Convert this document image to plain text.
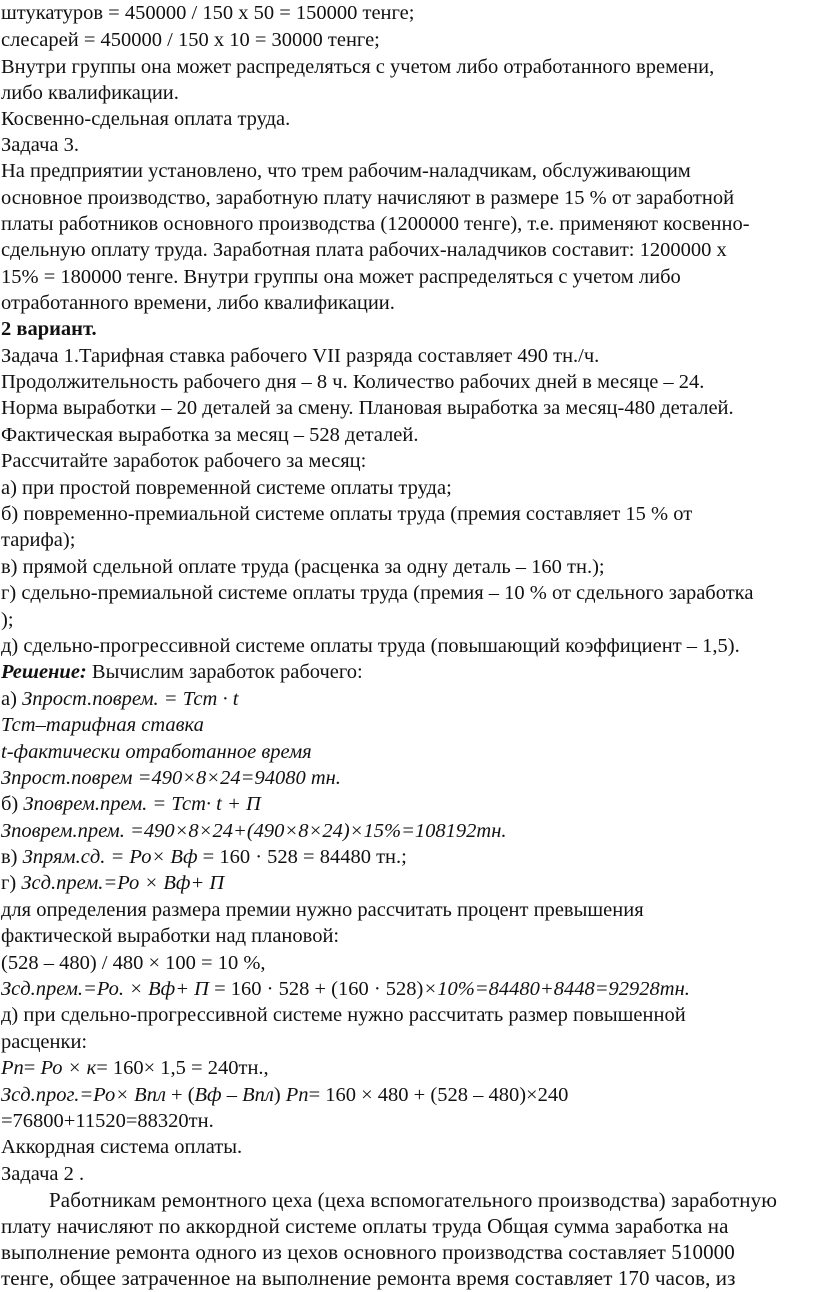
штукатуров = 450000 / 150 х 50 = 150000 тенге;
слесарей = 450000 / 150 х 10 = 30000 тенге;
Внутри группы она может распределяться с учетом либо отработанного времени,
либо квалификации.
Косвенно-сдельная оплата труда.
Задача 3.
На предприятии установлено, что трем рабочим-наладчикам, обслуживающим
основное производство, заработную плату начисляют в размере 15 % от заработной
платы работников основного производства (1200000 тенге), т.е. применяют косвенно-
сдельную оплату труда. Заработная плата рабочих-наладчиков составит: 1200000 х
15% = 180000 тенге. Внутри группы она может распределяться с учетом либо
отработанного времени, либо квалификации.
2 вариант.
Задача 1.Тарифная ставка рабочего VII разряда составляет 490 тн./ч.
Продолжительность рабочего дня – 8 ч. Количество рабочих дней в месяце – 24.
Норма выработки – 20 деталей за смену. Плановая выработка за месяц-480 деталей.
Фактическая выработка за месяц – 528 деталей.
Рассчитайте заработок рабочего за месяц:
а) при простой повременной системе оплаты труда;
б) повременно-премиальной системе оплаты труда (премия составляет 15 % от
тарифа);
в) прямой сдельной оплате труда (расценка за одну деталь – 160 тн.);
г) сдельно-премиальной системе оплаты труда (премия – 10 % от сдельного заработка
);
д) сдельно-прогрессивной системе оплаты труда (повышающий коэффициент – 1,5).
Решение: Вычислим заработок рабочего:
а) Зпрост.поврем. = Тст · t
Тст–тарифная ставка
t-фактически отработанное время
Зпрост.поврем =490×8×24=94080 тн.
б) Зповрем.прем. = Тст· t + П
Зповрем.прем. =490×8×24+(490×8×24)×15%=108192тн.
в) Зпрям.сд. = Ро× Вф = 160 · 528 = 84480 тн.;
г) Зсд.прем.=Ро × Вф+ П
для определения размера премии нужно рассчитать процент превышения
фактической выработки над плановой:
(528 – 480) / 480 × 100 = 10 %,
Зсд.прем.=Ро. × Вф+ П = 160 · 528 + (160 · 528)×10%=84480+8448=92928тн.
д) при сдельно-прогрессивной системе нужно рассчитать размер повышенной
расценки:
Рп= Ро × к= 160× 1,5 = 240тн.,
Зсд.прог.=Ро× Впл + (Вф – Впл) Рп= 160 × 480 + (528 – 480)×240
=76800+11520=88320тн.
Аккордная система оплаты.
Задача 2 .
Работникам ремонтного цеха (цеха вспомогательного производства) заработную
плату начисляют по аккордной системе оплаты труда Общая сумма заработка на
выполнение ремонта одного из цехов основного производства составляет 510000
тенге, общее затраченное на выполнение ремонта время составляет 170 часов, из
